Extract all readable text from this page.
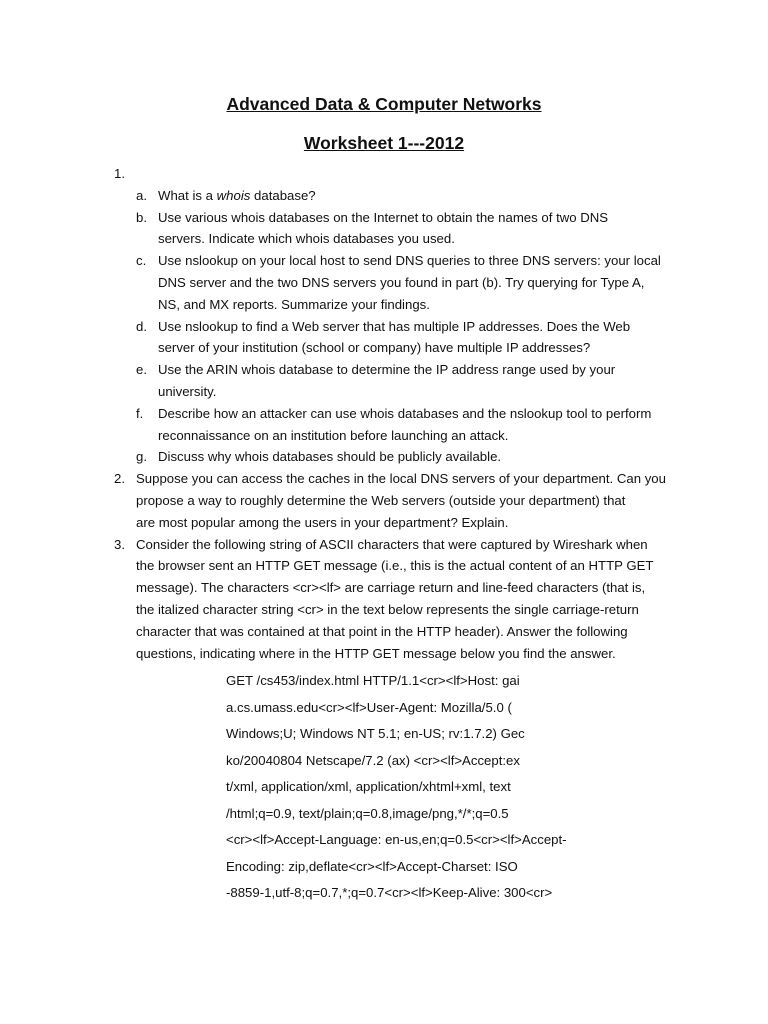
Advanced Data & Computer Networks
Worksheet 1---2012
1.

a. What is a whois database?
b. Use various whois databases on the Internet to obtain the names of two DNS
servers. Indicate which whois databases you used.
c. Use nslookup on your local host to send DNS queries to three DNS servers: your local
DNS server and the two DNS servers you found in part (b). Try querying for Type A,
NS, and MX reports. Summarize your findings.
d. Use nslookup to find a Web server that has multiple IP addresses. Does the Web
server of your institution (school or company) have multiple IP addresses?
e. Use the ARIN whois database to determine the IP address range used by your
university.
f. Describe how an attacker can use whois databases and the nslookup tool to perform
reconnaissance on an institution before launching an attack.
g. Discuss why whois databases should be publicly available.
2. Suppose you can access the caches in the local DNS servers of your department. Can you
propose a way to roughly determine the Web servers (outside your department) that
are most popular among the users in your department? Explain.
3. Consider the following string of ASCII characters that were captured by Wireshark when
the browser sent an HTTP GET message (i.e., this is the actual content of an HTTP GET
message). The characters <cr><lf> are carriage return and line-feed characters (that is,
the italized character string <cr> in the text below represents the single carriage-return
character that was contained at that point in the HTTP header). Answer the following
questions, indicating where in the HTTP GET message below you find the answer.
GET /cs453/index.html HTTP/1.1<cr><lf>Host: gai
a.cs.umass.edu<cr><lf>User-Agent: Mozilla/5.0 (
Windows;U; Windows NT 5.1; en-US; rv:1.7.2) Gec
ko/20040804 Netscape/7.2 (ax) <cr><lf>Accept:ex
t/xml, application/xml, application/xhtml+xml, text
/html;q=0.9, text/plain;q=0.8,image/png,*/*;q=0.5
<cr><lf>Accept-Language: en-us,en;q=0.5<cr><lf>Accept-
Encoding: zip,deflate<cr><lf>Accept-Charset: ISO
-8859-1,utf-8;q=0.7,*;q=0.7<cr><lf>Keep-Alive: 300<cr>
